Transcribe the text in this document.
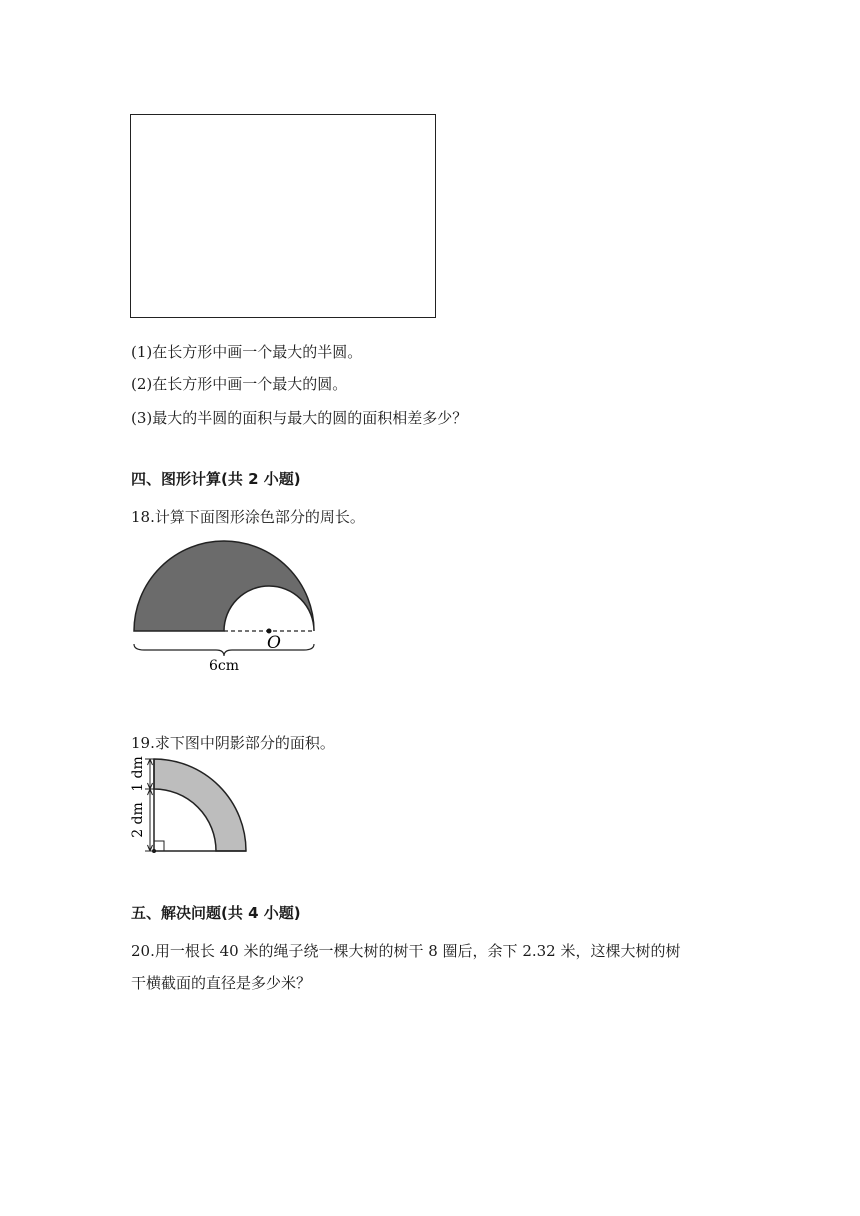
(1)在长方形中画一个最大的半圆。
(2)在长方形中画一个最大的圆。
(3)最大的半圆的面积与最大的圆的面积相差多少？
四、图形计算(共 2 小题)
18.计算下面图形涂色部分的周长。
O
6cm
19.求下图中阴影部分的面积。
1 dm
2 dm
五、解决问题(共 4 小题)
20.用一根长 40 米的绳子绕一棵大树的树干 8 圈后，余下 2.32 米，这棵大树的树
干横截面的直径是多少米？
